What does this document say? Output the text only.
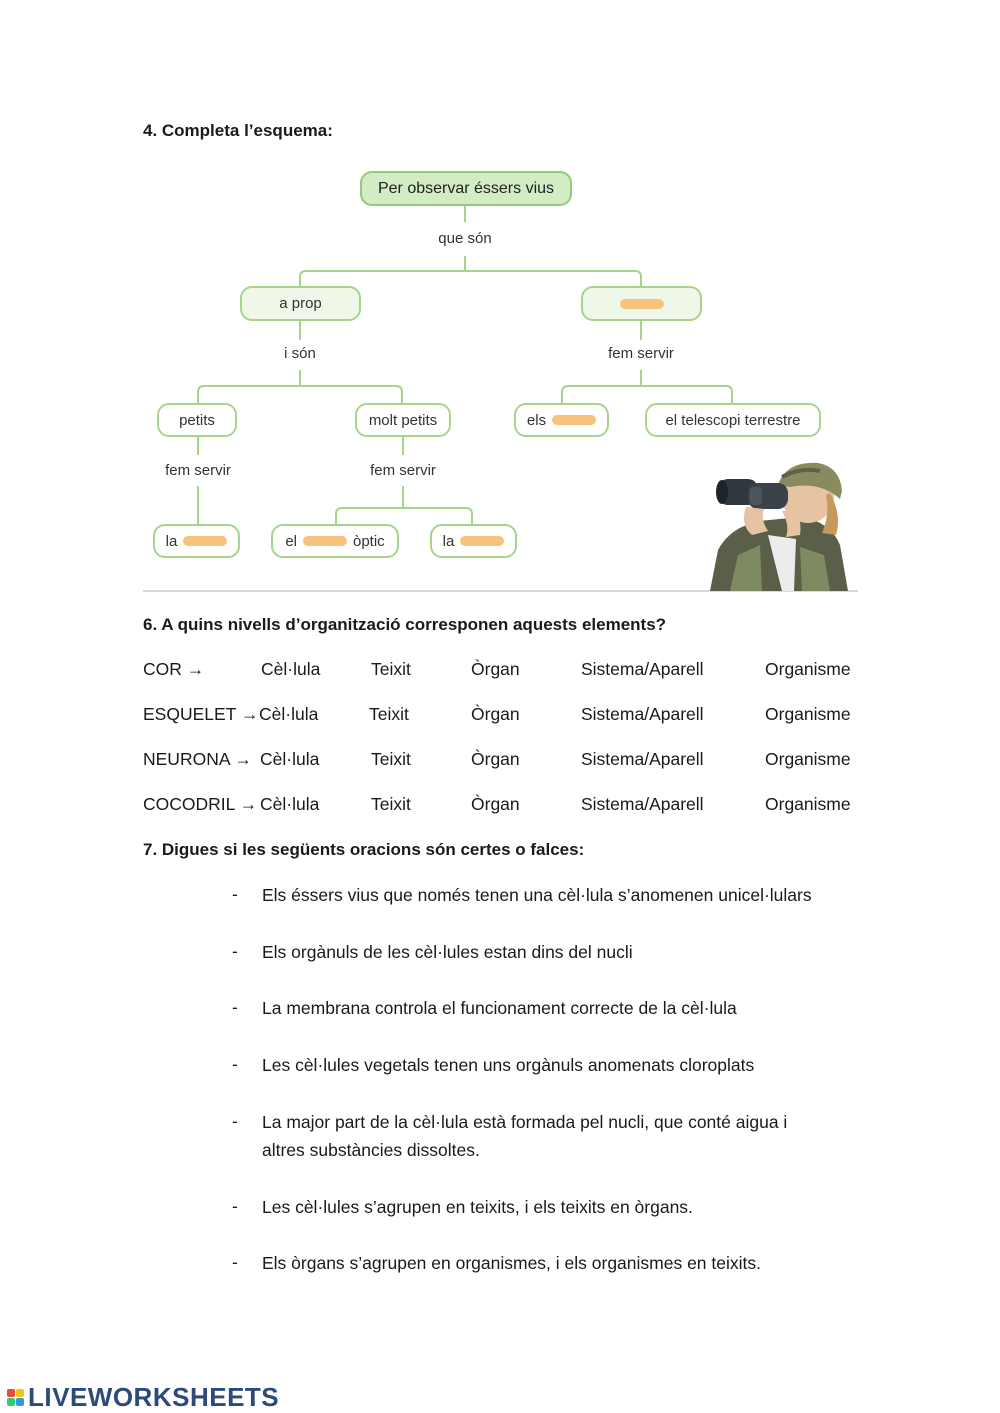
4. Completa l’esquema:
Per observar éssers vius
que són
a prop
i són	fem servir
petits	molt petits	els	el telescopi terrestre
fem servir	fem servir
la	el	òptic	la
6. A quins nivells d’organització corresponen aquests elements?
COR →	Cèl·lula	Teixit	Òrgan	Sistema/Aparell	Organisme
ESQUELET → Cèl·lula	Teixit	Òrgan	Sistema/Aparell	Organisme
NEURONA → Cèl·lula	Teixit	Òrgan	Sistema/Aparell	Organisme
COCODRIL → Cèl·lula	Teixit	Òrgan	Sistema/Aparell	Organisme
7. Digues si les següents oracions són certes o falces:
- Els éssers vius que només tenen una cèl·lula s’anomenen unicel·lulars
- Els orgànuls de les cèl·lules estan dins del nucli
- La membrana controla el funcionament correcte de la cèl·lula
- Les cèl·lules vegetals tenen uns orgànuls anomenats cloroplats
- La major part de la cèl·lula està formada pel nucli, que conté aigua i
altres substàncies dissoltes.
- Les cèl·lules s’agrupen en teixits, i els teixits en òrgans.
- Els òrgans s’agrupen en organismes, i els organismes en teixits.
LIVEWORKSHEETS
